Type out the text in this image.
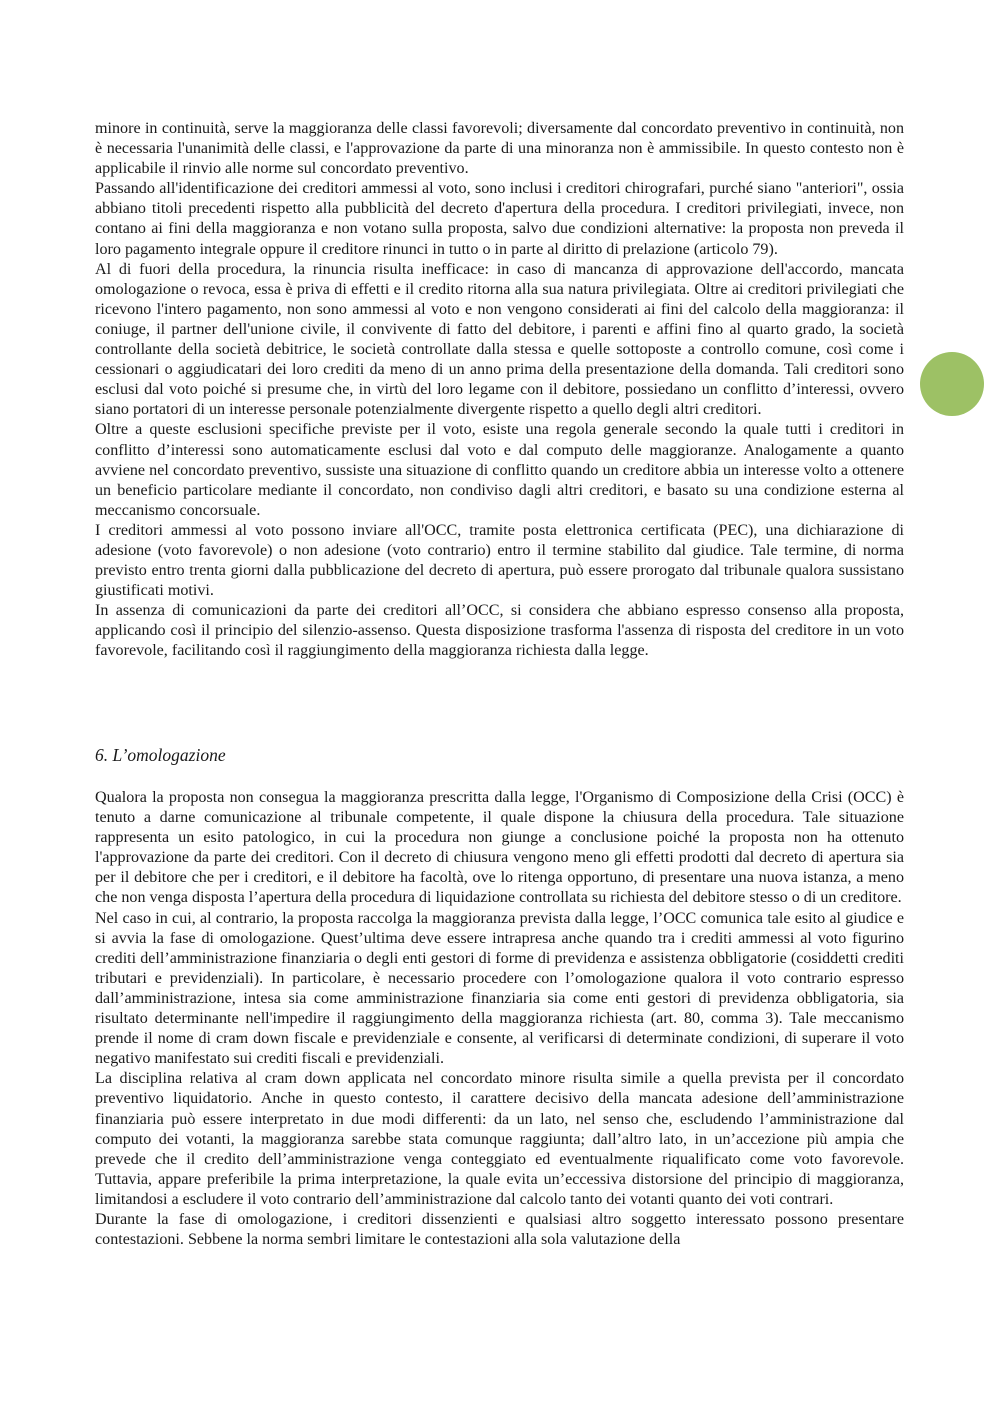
minore in continuità, serve la maggioranza delle classi favorevoli; diversamente dal concordato preventivo in continuità, non è necessaria l'unanimità delle classi, e l'approvazione da parte di una minoranza non è ammissibile. In questo contesto non è applicabile il rinvio alle norme sul concordato preventivo.

Passando all'identificazione dei creditori ammessi al voto, sono inclusi i creditori chirografari, purché siano "anteriori", ossia abbiano titoli precedenti rispetto alla pubblicità del decreto d'apertura della procedura. I creditori privilegiati, invece, non contano ai fini della maggioranza e non votano sulla proposta, salvo due condizioni alternative: la proposta non preveda il loro pagamento integrale oppure il creditore rinunci in tutto o in parte al diritto di prelazione (articolo 79).

Al di fuori della procedura, la rinuncia risulta inefficace: in caso di mancanza di approvazione dell'accordo, mancata omologazione o revoca, essa è priva di effetti e il credito ritorna alla sua natura privilegiata. Oltre ai creditori privilegiati che ricevono l'intero pagamento, non sono ammessi al voto e non vengono considerati ai fini del calcolo della maggioranza: il coniuge, il partner dell'unione civile, il convivente di fatto del debitore, i parenti e affini fino al quarto grado, la società controllante della società debitrice, le società controllate dalla stessa e quelle sottoposte a controllo comune, così come i cessionari o aggiudicatari dei loro crediti da meno di un anno prima della presentazione della domanda. Tali creditori sono esclusi dal voto poiché si presume che, in virtù del loro legame con il debitore, possiedano un conflitto d’interessi, ovvero siano portatori di un interesse personale potenzialmente divergente rispetto a quello degli altri creditori.

Oltre a queste esclusioni specifiche previste per il voto, esiste una regola generale secondo la quale tutti i creditori in conflitto d’interessi sono automaticamente esclusi dal voto e dal computo delle maggioranze. Analogamente a quanto avviene nel concordato preventivo, sussiste una situazione di conflitto quando un creditore abbia un interesse volto a ottenere un beneficio particolare mediante il concordato, non condiviso dagli altri creditori, e basato su una condizione esterna al meccanismo concorsuale.

I creditori ammessi al voto possono inviare all'OCC, tramite posta elettronica certificata (PEC), una dichiarazione di adesione (voto favorevole) o non adesione (voto contrario) entro il termine stabilito dal giudice. Tale termine, di norma previsto entro trenta giorni dalla pubblicazione del decreto di apertura, può essere prorogato dal tribunale qualora sussistano giustificati motivi.

In assenza di comunicazioni da parte dei creditori all’OCC, si considera che abbiano espresso consenso alla proposta, applicando così il principio del silenzio-assenso. Questa disposizione trasforma l'assenza di risposta del creditore in un voto favorevole, facilitando così il raggiungimento della maggioranza richiesta dalla legge.

6. L’omologazione

Qualora la proposta non consegua la maggioranza prescritta dalla legge, l'Organismo di Composizione della Crisi (OCC) è tenuto a darne comunicazione al tribunale competente, il quale dispone la chiusura della procedura. Tale situazione rappresenta un esito patologico, in cui la procedura non giunge a conclusione poiché la proposta non ha ottenuto l'approvazione da parte dei creditori. Con il decreto di chiusura vengono meno gli effetti prodotti dal decreto di apertura sia per il debitore che per i creditori, e il debitore ha facoltà, ove lo ritenga opportuno, di presentare una nuova istanza, a meno che non venga disposta l’apertura della procedura di liquidazione controllata su richiesta del debitore stesso o di un creditore.

Nel caso in cui, al contrario, la proposta raccolga la maggioranza prevista dalla legge, l’OCC comunica tale esito al giudice e si avvia la fase di omologazione. Quest’ultima deve essere intrapresa anche quando tra i crediti ammessi al voto figurino crediti dell’amministrazione finanziaria o degli enti gestori di forme di previdenza e assistenza obbligatorie (cosiddetti crediti tributari e previdenziali). In particolare, è necessario procedere con l’omologazione qualora il voto contrario espresso dall’amministrazione, intesa sia come amministrazione finanziaria sia come enti gestori di previdenza obbligatoria, sia risultato determinante nell'impedire il raggiungimento della maggioranza richiesta (art. 80, comma 3). Tale meccanismo prende il nome di cram down fiscale e previdenziale e consente, al verificarsi di determinate condizioni, di superare il voto negativo manifestato sui crediti fiscali e previdenziali.

La disciplina relativa al cram down applicata nel concordato minore risulta simile a quella prevista per il concordato preventivo liquidatorio. Anche in questo contesto, il carattere decisivo della mancata adesione dell’amministrazione finanziaria può essere interpretato in due modi differenti: da un lato, nel senso che, escludendo l’amministrazione dal computo dei votanti, la maggioranza sarebbe stata comunque raggiunta; dall’altro lato, in un’accezione più ampia che prevede che il credito dell’amministrazione venga conteggiato ed eventualmente riqualificato come voto favorevole. Tuttavia, appare preferibile la prima interpretazione, la quale evita un’eccessiva distorsione del principio di maggioranza, limitandosi a escludere il voto contrario dell’amministrazione dal calcolo tanto dei votanti quanto dei voti contrari.

Durante la fase di omologazione, i creditori dissenzienti e qualsiasi altro soggetto interessato possono presentare contestazioni. Sebbene la norma sembri limitare le contestazioni alla sola valutazione della
